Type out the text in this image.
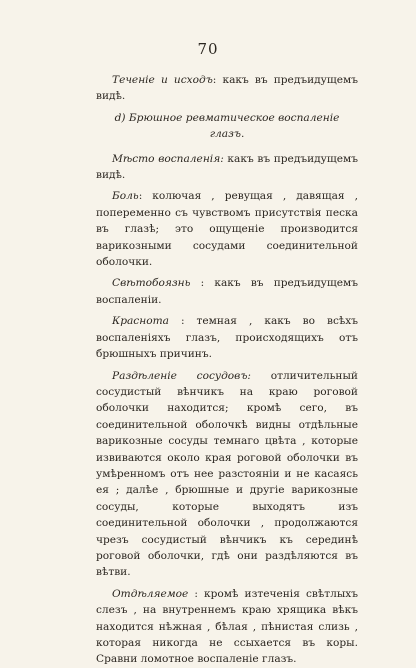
70

Теченіе и исходъ: какъ въ предъидущемъ видѣ.

d) Брюшное ревматическое воспаленіе глазъ.

Мѣсто воспаленія: какъ въ предъидущемъ видѣ.

Боль: колючая , ревущая , давящая , попеременно съ чувствомъ присутствія песка въ глазѣ; это ощущеніе производится варикозными сосудами соединительной оболочки.

Свѣтобоязнь : какъ въ предъидущемъ воспаленіи.

Краснота : темная , какъ во всѣхъ воспаленіяхъ глазъ, происходящихъ отъ брюшныхъ причинъ.

Раздѣленіе сосудовъ: отличительный сосудистый вѣнчикъ на краю роговой оболочки находится; кромѣ сего, въ соединительной оболочкѣ видны отдѣльные варикозные сосуды темнаго цвѣта , которые извиваются около края роговой оболочки въ умѣренномъ отъ нее разстояніи и не касаясь ея ; далѣе , брюшные и другіе варикозные сосуды, которые выходятъ изъ соединительной оболочки , продолжаются чрезъ сосудистый вѣнчикъ къ серединѣ роговой оболочки, гдѣ они раздѣляются въ вѣтви.

Отдѣляемое : кромѣ изтеченія свѣтлыхъ слезъ , на внутреннемъ краю хрящика вѣкъ находится нѣжная , бѣлая , пѣнистая слизь , которая никогда не ссыхается въ коры. Сравни ломотное воспаленіе глазъ.
